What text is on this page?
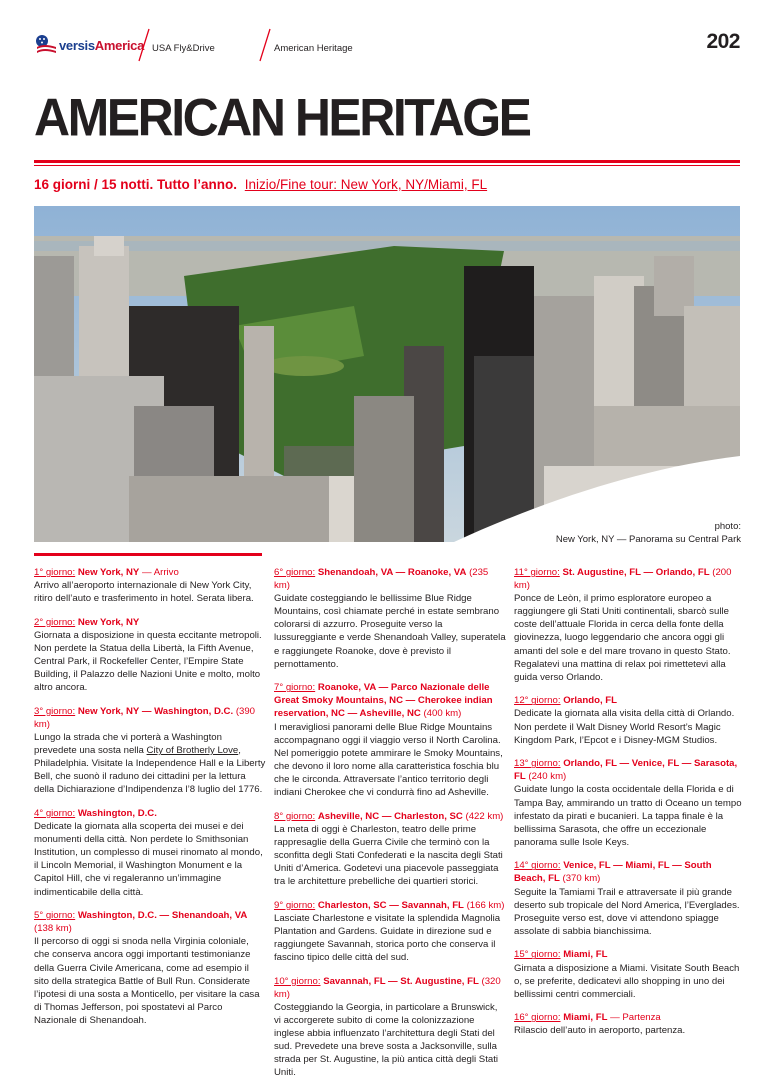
versisAmerica USA Fly&Drive	American Heritage	202
AMERICAN HERITAGE
16 giorni / 15 notti. Tutto l’anno. Inizio/Fine tour: New York, NY/Miami, FL
photo:
New York, NY — Panorama su Central Park
1° giorno: New York, NY — Arrivo

Arrivo all’aeroporto internazionale di New York City, ritiro dell’auto e trasferimento in hotel. Serata libera.

2° giorno: New York, NY

Giornata a disposizione in questa eccitante metropoli. Non perdete la Statua della Libertà, la Fifth Avenue, Central Park, il Rockefeller Center, l’Empire State Building, il Palazzo delle Nazioni Unite e molto, molto altro ancora.

3° giorno: New York, NY — Washington, D.C. (390 km)

Lungo la strada che vi porterà a Washington prevedete una sosta nella City of Brotherly Love, Philadelphia. Visitate la Independence Hall e la Liberty Bell, che suonò il raduno dei cittadini per la lettura della Dichiarazione d’Indipendenza l’8 luglio del 1776.

4° giorno: Washington, D.C.

Dedicate la giornata alla scoperta dei musei e dei monumenti della città. Non perdete lo Smithsonian Institution, un complesso di musei rinomato al mondo, il Lincoln Memorial, il Washington Monument e la Capitol Hill, che vi regaleranno un’immagine indimenticabile della città.

5° giorno: Washington, D.C. — Shenandoah, VA (138 km)

Il percorso di oggi si snoda nella Virginia coloniale, che conserva ancora oggi importanti testimonianze della Guerra Civile Americana, come ad esempio il sito della strategica Battle of Bull Run. Considerate l’ipotesi di una sosta a Monticello, per visitare la casa di Thomas Jefferson, poi spostatevi al Parco Nazionale di Shenandoah.

6° giorno: Shenandoah, VA — Roanoke, VA (235 km)

Guidate costeggiando le bellissime Blue Ridge Mountains, così chiamate perché in estate sembrano colorarsi di azzurro. Proseguite verso la lussureggiante e verde Shenandoah Valley, superatela e raggiungete Roanoke, dove è previsto il pernottamento.

7° giorno: Roanoke, VA — Parco Nazionale delle Great Smoky Mountains, NC — Cherokee indian reservation, NC — Asheville, NC (400 km)

I meravigliosi panorami delle Blue Ridge Mountains accompagnano oggi il viaggio verso il North Carolina. Nel pomeriggio potete ammirare le Smoky Mountains, che devono il loro nome alla caratteristica foschia blu che le circonda. Attraversate l’antico territorio degli indiani Cherokee che vi condurrà fino ad Asheville.

8° giorno: Asheville, NC — Charleston, SC (422 km)

La meta di oggi è Charleston, teatro delle prime rappresaglie della Guerra Civile che terminò con la sconfitta degli Stati Confederati e la nascita degli Stati Uniti d’America. Godetevi una piacevole passeggiata tra le architetture prebelliche dei quartieri storici.

9° giorno: Charleston, SC — Savannah, FL (166 km)

Lasciate Charlestone e visitate la splendida Magnolia Plantation and Gardens. Guidate in direzione sud e raggiungete Savannah, storica porto che conserva il fascino tipico delle città del sud.

10° giorno: Savannah, FL — St. Augustine, FL (320 km)

Costeggiando la Georgia, in particolare a Brunswick, vi accorgerete subito di come la colonizzazione inglese abbia influenzato l’architettura degli Stati del sud. Prevedete una breve sosta a Jacksonville, sulla strada per St. Augustine, la più antica città degli Stati Uniti.

11° giorno: St. Augustine, FL — Orlando, FL (200 km)

Ponce de Leòn, il primo esploratore europeo a raggiungere gli Stati Uniti continentali, sbarcò sulle coste dell’attuale Florida in cerca della fonte della giovinezza, luogo leggendario che ancora oggi gli amanti del sole e del mare trovano in questo Stato. Regalatevi una mattina di relax poi rimettetevi alla guida verso Orlando.

12° giorno: Orlando, FL

Dedicate la giornata alla visita della città di Orlando. Non perdete il Walt Disney World Resort’s Magic Kingdom Park, l’Epcot e i Disney-MGM Studios.

13° giorno: Orlando, FL — Venice, FL — Sarasota, FL (240 km)

Guidate lungo la costa occidentale della Florida e di Tampa Bay, ammirando un tratto di Oceano un tempo infestato da pirati e bucanieri. La tappa finale è la bellissima Sarasota, che offre un eccezionale panorama sulle Isole Keys.

14° giorno: Venice, FL — Miami, FL — South Beach, FL (370 km)

Seguite la Tamiami Trail e attraversate il più grande deserto sub tropicale del Nord America, l’Everglades. Proseguite verso est, dove vi attendono spiagge assolate di sabbia bianchissima.

15° giorno: Miami, FL

Girnata a disposizione a Miami. Visitate South Beach o, se preferite, dedicatevi allo shopping in uno dei bellissimi centri commerciali.

16° giorno: Miami, FL — Partenza

Rilascio dell’auto in aeroporto, partenza.
